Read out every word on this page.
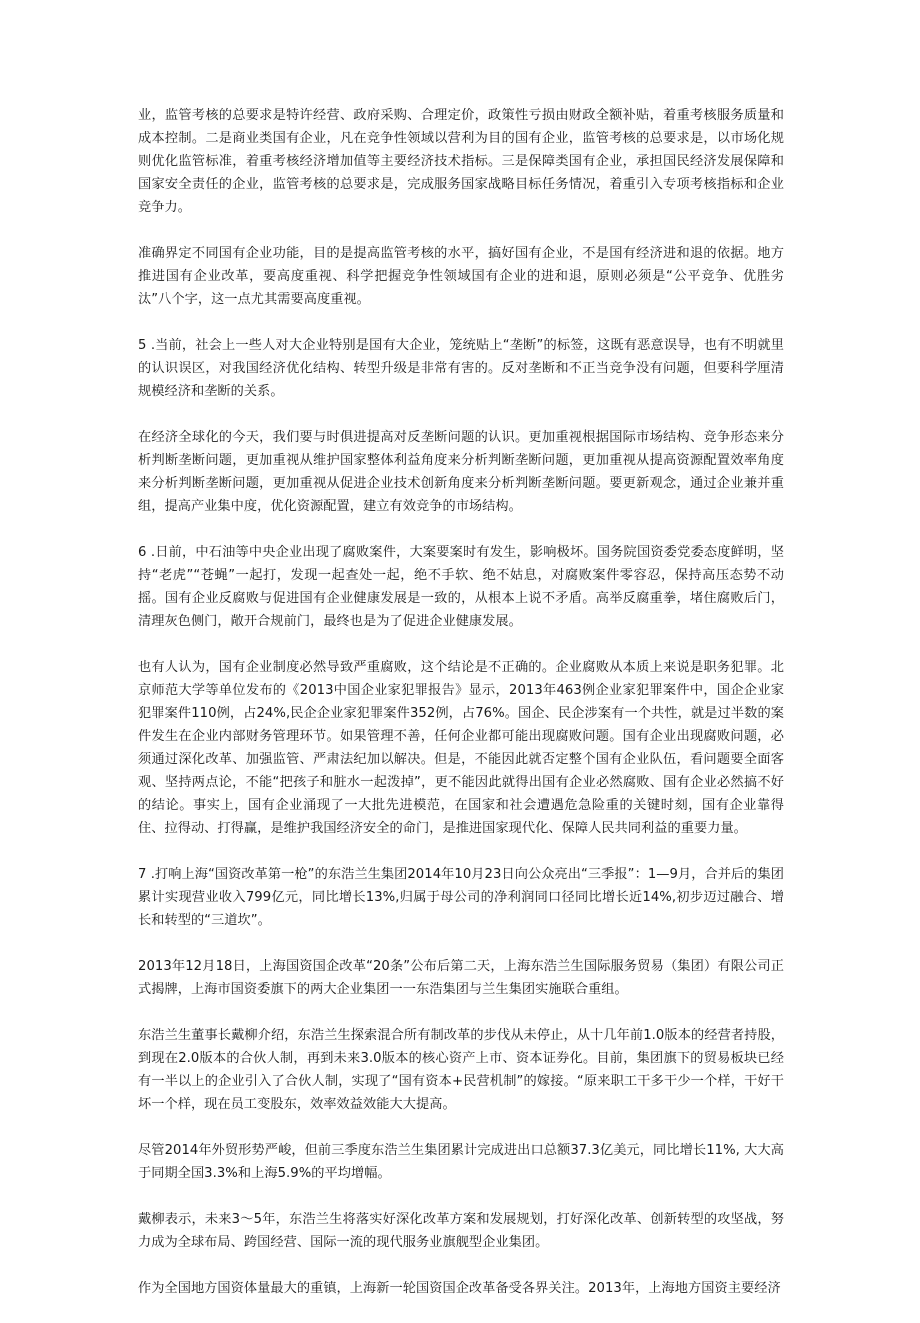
业，监管考核的总要求是特许经营、政府采购、合理定价，政策性亏损由财政全额补贴，着重考核服务质量和成本控制。二是商业类国有企业，凡在竞争性领域以营利为目的国有企业，监管考核的总要求是，以市场化规则优化监管标准，着重考核经济增加值等主要经济技术指标。三是保障类国有企业，承担国民经济发展保障和国家安全责任的企业，监管考核的总要求是，完成服务国家战略目标任务情况，着重引入专项考核指标和企业竞争力。

准确界定不同国有企业功能，目的是提高监管考核的水平，搞好国有企业，不是国有经济进和退的依据。地方推进国有企业改革，要高度重视、科学把握竞争性领域国有企业的进和退，原则必须是“公平竞争、优胜劣汰”八个字，这一点尤其需要高度重视。

5 .当前，社会上一些人对大企业特别是国有大企业，笼统贴上“垄断”的标签，这既有恶意误导，也有不明就里的认识误区，对我国经济优化结构、转型升级是非常有害的。反对垄断和不正当竞争没有问题，但要科学厘清规模经济和垄断的关系。

在经济全球化的今天，我们要与时俱进提高对反垄断问题的认识。更加重视根据国际市场结构、竞争形态来分析判断垄断问题，更加重视从维护国家整体利益角度来分析判断垄断问题，更加重视从提高资源配置效率角度来分析判断垄断问题，更加重视从促进企业技术创新角度来分析判断垄断问题。要更新观念，通过企业兼并重组，提高产业集中度，优化资源配置，建立有效竞争的市场结构。

6 .日前，中石油等中央企业出现了腐败案件，大案要案时有发生，影响极坏。国务院国资委党委态度鲜明，坚持“老虎”“苍蝇”一起打，发现一起查处一起，绝不手软、绝不姑息，对腐败案件零容忍，保持高压态势不动摇。国有企业反腐败与促进国有企业健康发展是一致的，从根本上说不矛盾。高举反腐重拳，堵住腐败后门，清理灰色侧门，敞开合规前门，最终也是为了促进企业健康发展。

也有人认为，国有企业制度必然导致严重腐败，这个结论是不正确的。企业腐败从本质上来说是职务犯罪。北京师范大学等单位发布的《2013中国企业家犯罪报告》显示，2013年463例企业家犯罪案件中，国企企业家犯罪案件110例，占24%,民企企业家犯罪案件352例，占76%。国企、民企涉案有一个共性，就是过半数的案件发生在企业内部财务管理环节。如果管理不善，任何企业都可能出现腐败问题。国有企业出现腐败问题，必须通过深化改革、加强监管、严肃法纪加以解决。但是，不能因此就否定整个国有企业队伍，看问题要全面客观、坚持两点论，不能“把孩子和脏水一起泼掉”，更不能因此就得出国有企业必然腐败、国有企业必然搞不好的结论。事实上，国有企业涌现了一大批先进模范，在国家和社会遭遇危急险重的关键时刻，国有企业靠得住、拉得动、打得赢，是维护我国经济安全的命门，是推进国家现代化、保障人民共同利益的重要力量。

7 .打响上海“国资改革第一枪”的东浩兰生集团2014年10月23日向公众亮出“三季报”：1—9月，合并后的集团累计实现营业收入799亿元，同比增长13%,归属于母公司的净利润同口径同比增长近14%,初步迈过融合、增长和转型的“三道坎”。

2013年12月18日，上海国资国企改革“20条”公布后第二天，上海东浩兰生国际服务贸易（集团）有限公司正式揭牌，上海市国资委旗下的两大企业集团一一东浩集团与兰生集团实施联合重组。

东浩兰生董事长戴柳介绍，东浩兰生探索混合所有制改革的步伐从未停止，从十几年前1.0版本的经营者持股，到现在2.0版本的合伙人制，再到未来3.0版本的核心资产上市、资本证券化。目前，集团旗下的贸易板块已经有一半以上的企业引入了合伙人制，实现了“国有资本+民营机制”的嫁接。“原来职工干多干少一个样，干好干坏一个样，现在员工变股东，效率效益效能大大提高。

尽管2014年外贸形势严峻，但前三季度东浩兰生集团累计完成进出口总额37.3亿美元，同比增长11%, 大大高于同期全国3.3%和上海5.9%的平均增幅。

戴柳表示，未来3～5年，东浩兰生将落实好深化改革方案和发展规划，打好深化改革、创新转型的攻坚战，努力成为全球布局、跨国经营、国际一流的现代服务业旗舰型企业集团。

作为全国地方国资体量最大的重镇，上海新一轮国资国企改革备受各界关注。2013年，上海地方国资主要经济
